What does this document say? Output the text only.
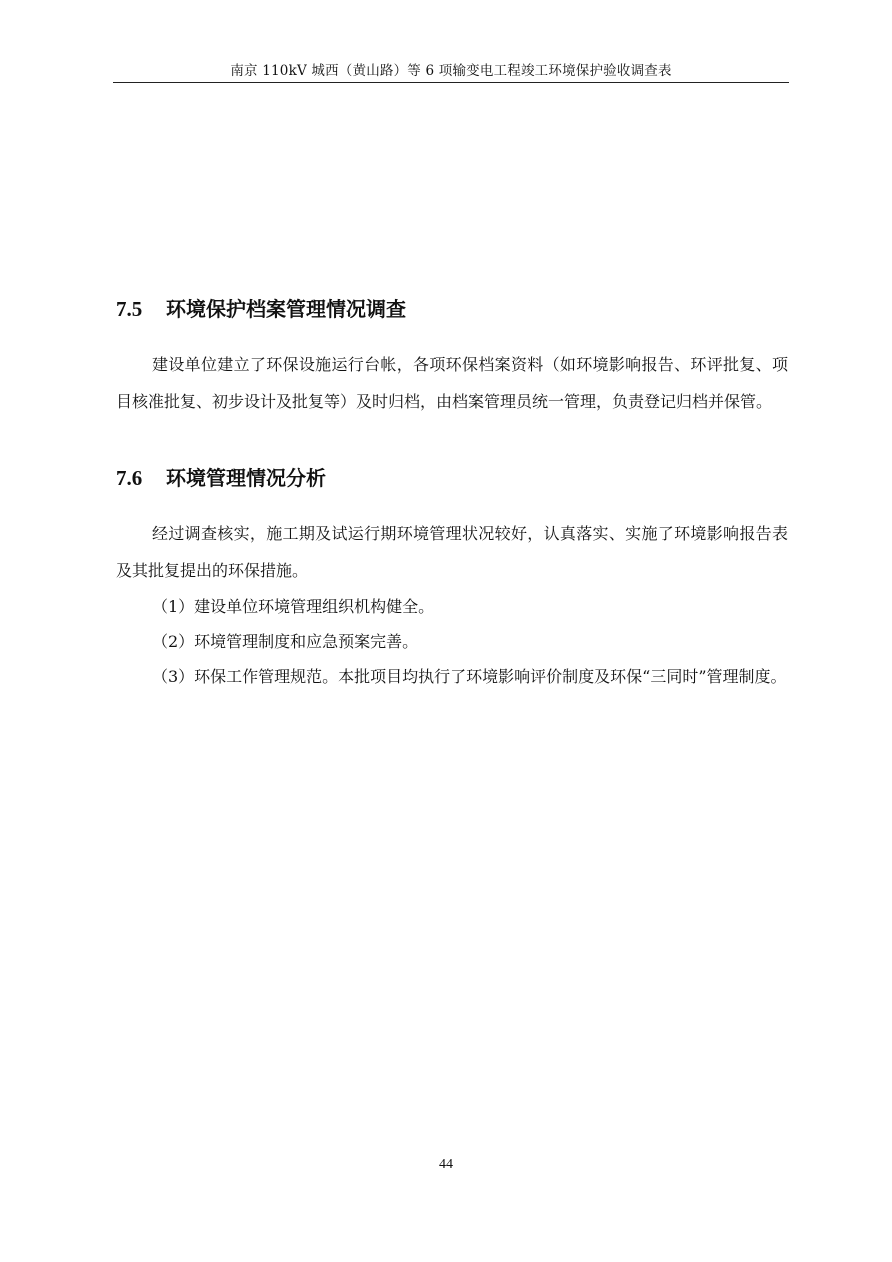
南京 110kV 城西（黄山路）等 6 项输变电工程竣工环境保护验收调查表
7.5	环境保护档案管理情况调查

建设单位建立了环保设施运行台帐，各项环保档案资料（如环境影响报告、环评批复、项目核准批复、初步设计及批复等）及时归档，由档案管理员统一管理，负责登记归档并保管。

7.6	环境管理情况分析

经过调查核实，施工期及试运行期环境管理状况较好，认真落实、实施了环境影响报告表及其批复提出的环保措施。

（1）建设单位环境管理组织机构健全。

（2）环境管理制度和应急预案完善。

（3）环保工作管理规范。本批项目均执行了环境影响评价制度及环保“三同时”管理制度。

44
